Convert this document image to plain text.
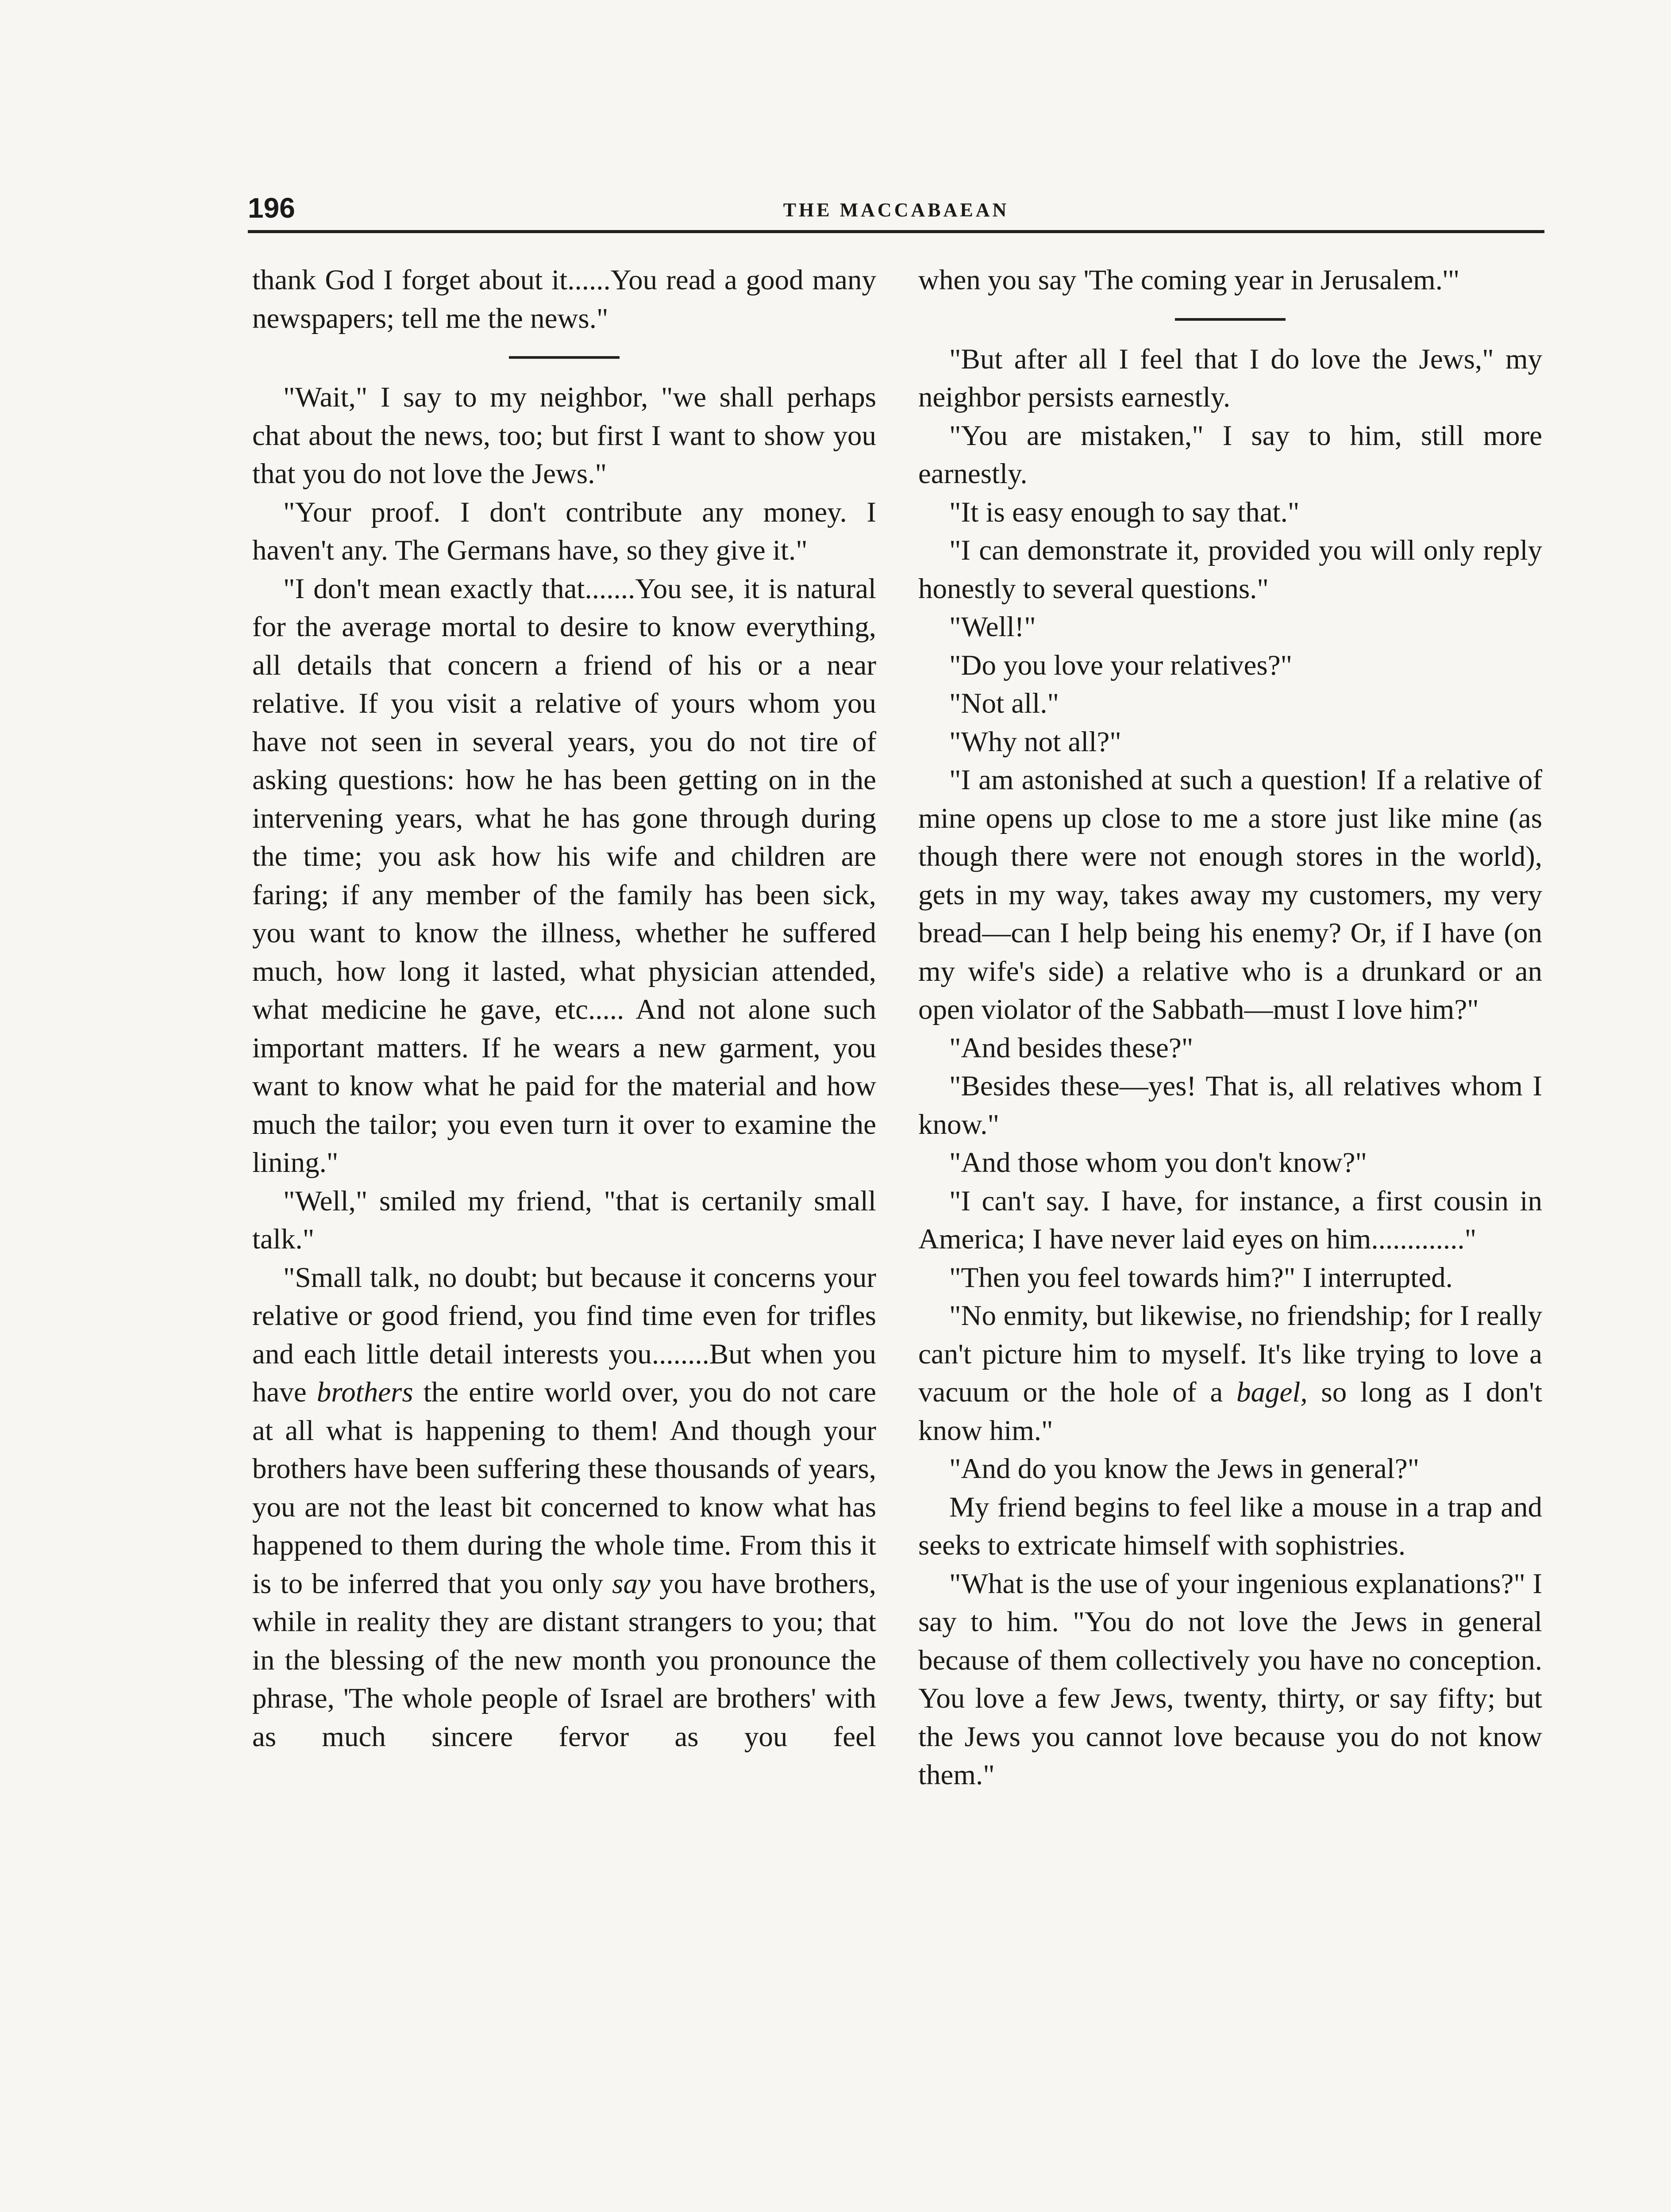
196	THE MACCABAEAN

thank God I forget about it......You read a good many newspapers; tell me the news."

"Wait," I say to my neighbor, "we shall perhaps chat about the news, too; but first I want to show you that you do not love the Jews."

"Your proof. I don't contribute any money. I haven't any. The Germans have, so they give it."

"I don't mean exactly that.......You see, it is natural for the average mortal to desire to know everything, all details that concern a friend of his or a near relative. If you visit a relative of yours whom you have not seen in several years, you do not tire of asking questions: how he has been getting on in the intervening years, what he has gone through during the time; you ask how his wife and children are faring; if any member of the family has been sick, you want to know the illness, whether he suffered much, how long it lasted, what physician attended, what medicine he gave, etc..... And not alone such important matters. If he wears a new garment, you want to know what he paid for the material and how much the tailor; you even turn it over to examine the lining."

"Well," smiled my friend, "that is certanily small talk."

"Small talk, no doubt; but because it concerns your relative or good friend, you find time even for trifles and each little detail interests you........But when you have brothers the entire world over, you do not care at all what is happening to them! And though your brothers have been suffering these thousands of years, you are not the least bit concerned to know what has happened to them during the whole time. From this it is to be inferred that you only say you have brothers, while in reality they are distant strangers to you; that in the blessing of the new month you pronounce the phrase, 'The whole people of Israel are brothers' with as much sincere fervor as you feel

when you say 'The coming year in Jerusalem.'"

"But after all I feel that I do love the Jews," my neighbor persists earnestly.

"You are mistaken," I say to him, still more earnestly.

"It is easy enough to say that."

"I can demonstrate it, provided you will only reply honestly to several questions."

"Well!"

"Do you love your relatives?"

"Not all."

"Why not all?"

"I am astonished at such a question! If a relative of mine opens up close to me a store just like mine (as though there were not enough stores in the world), gets in my way, takes away my customers, my very bread—can I help being his enemy? Or, if I have (on my wife's side) a relative who is a drunkard or an open violator of the Sabbath—must I love him?"

"And besides these?"

"Besides these—yes! That is, all relatives whom I know."

"And those whom you don't know?"

"I can't say. I have, for instance, a first cousin in America; I have never laid eyes on him............."

"Then you feel towards him?" I interrupted.

"No enmity, but likewise, no friendship; for I really can't picture him to myself. It's like trying to love a vacuum or the hole of a bagel, so long as I don't know him."

"And do you know the Jews in general?"

My friend begins to feel like a mouse in a trap and seeks to extricate himself with sophistries.

"What is the use of your ingenious explanations?" I say to him. "You do not love the Jews in general because of them collectively you have no conception. You love a few Jews, twenty, thirty, or say fifty; but the Jews you cannot love because you do not know them."
